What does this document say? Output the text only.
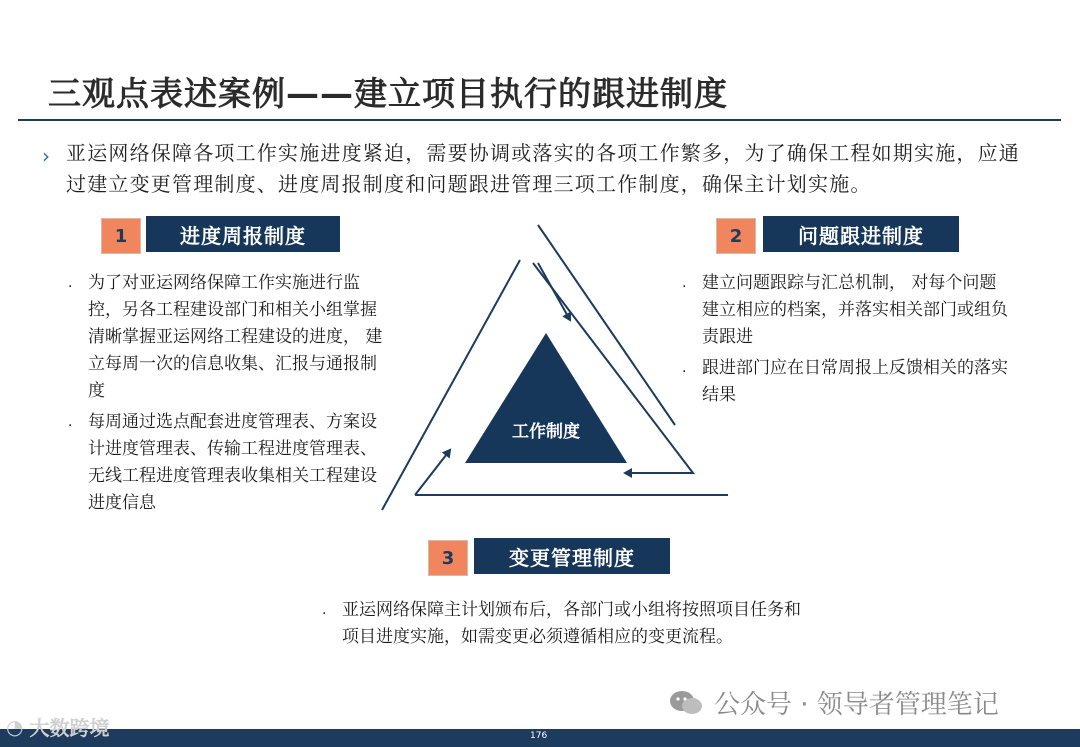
三观点表述案例——建立项目执行的跟进制度
› 亚运网络保障各项工作实施进度紧迫，需要协调或落实的各项工作繁多，为了确保工程如期实施，应通过建立变更管理制度、进度周报制度和问题跟进管理三项工作制度，确保主计划实施。
1	进度周报制度
. 为了对亚运网络保障工作实施进行监控，另各工程建设部门和相关小组掌握清晰掌握亚运网络工程建设的进度， 建立每周一次的信息收集、汇报与通报制度
. 每周通过选点配套进度管理表、方案设计进度管理表、传输工程进度管理表、无线工程进度管理表收集相关工程建设进度信息
2	问题跟进制度
. 建立问题跟踪与汇总机制， 对每个问题建立相应的档案，并落实相关部门或组负责跟进
. 跟进部门应在日常周报上反馈相关的落实结果
3	变更管理制度
. 亚运网络保障主计划颁布后，各部门或小组将按照项目任务和项目进度实施，如需变更必须遵循相应的变更流程。
工作制度
公众号 · 领导者管理笔记
176
◔ 大数跨境
